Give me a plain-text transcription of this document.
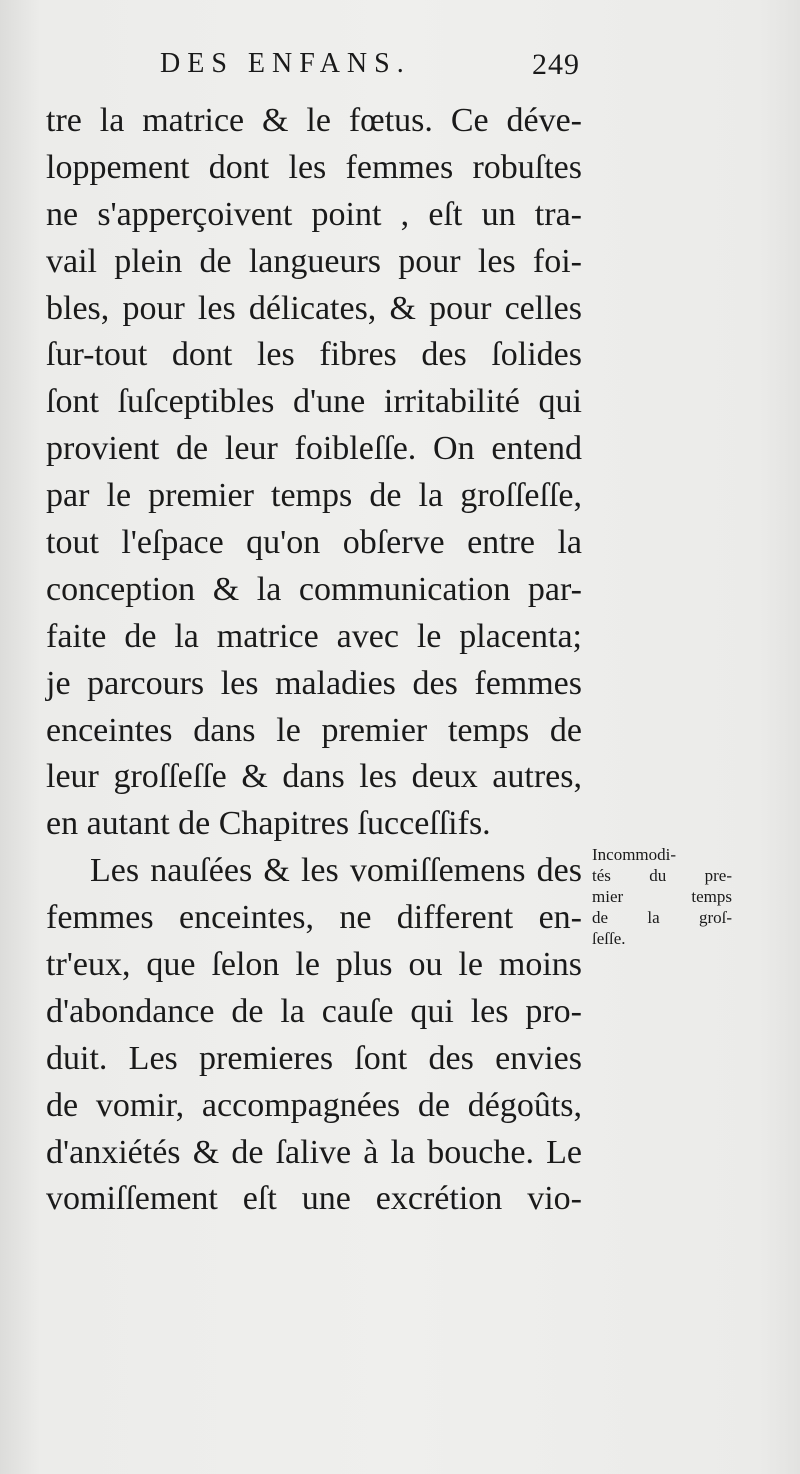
DES ENFANS.	249
tre la matrice & le fœtus. Ce déve-
loppement dont les femmes robuſtes
ne s'apperçoivent point , eſt un tra-
vail plein de langueurs pour les foi-
bles, pour les délicates, & pour celles
ſur-tout dont les fibres des ſolides
ſont ſuſceptibles d'une irritabilité qui
provient de leur foibleſſe. On entend
par le premier temps de la groſſeſſe,
tout l'eſpace qu'on obſerve entre la
conception & la communication par-
faite de la matrice avec le placenta;
je parcours les maladies des femmes
enceintes dans le premier temps de
leur groſſeſſe & dans les deux autres,
en autant de Chapitres ſucceſſifs.
Les nauſées & les vomiſſemens des
femmes enceintes, ne different en-
tr'eux, que ſelon le plus ou le moins
d'abondance de la cauſe qui les pro-
duit. Les premieres ſont des envies
de vomir, accompagnées de dégoûts,
d'anxiétés & de ſalive à la bouche. Le
vomiſſement eſt une excrétion vio-
Incommodi-
tés du pre-
mier temps
de la groſ-
ſeſſe.
